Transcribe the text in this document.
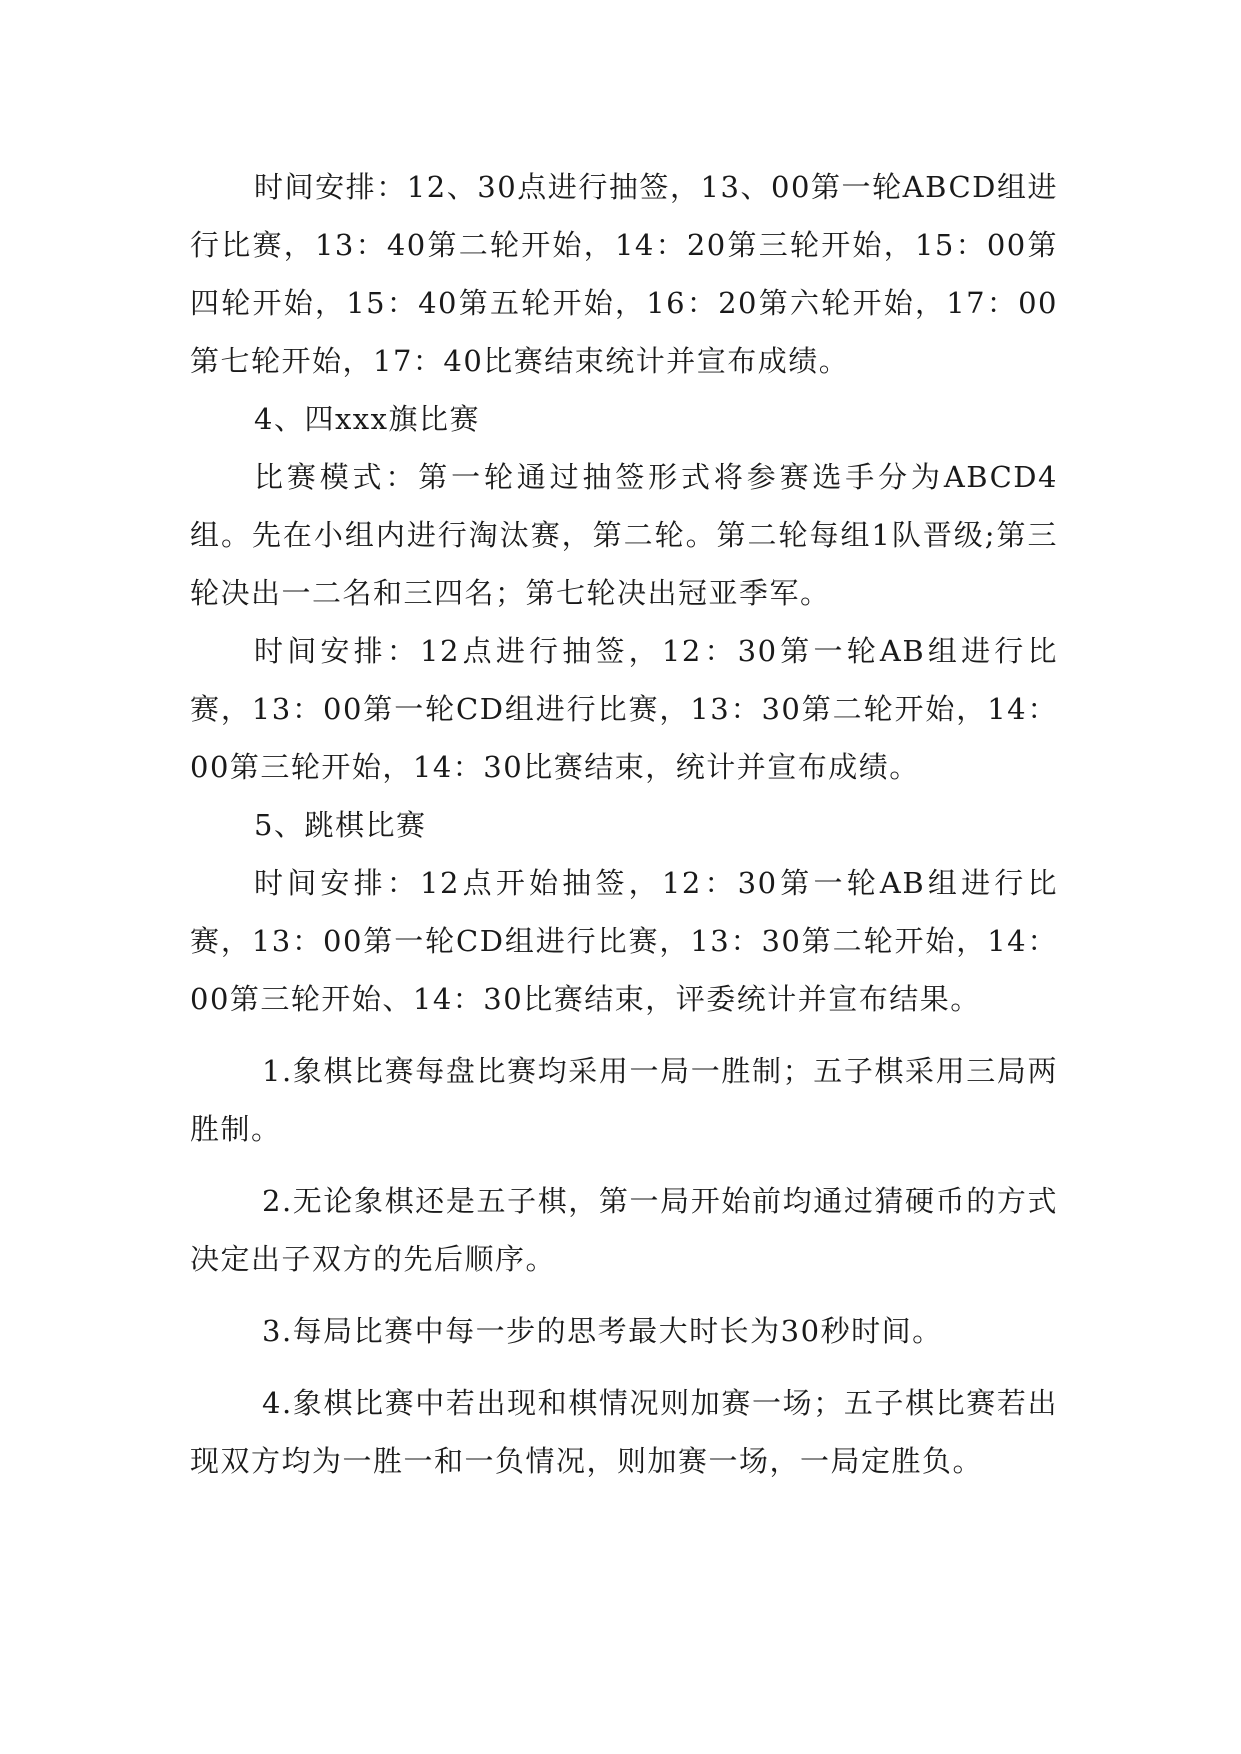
时间安排：12、30点进行抽签，13、00第一轮ABCD组进行比赛，13：40第二轮开始，14：20第三轮开始，15：00第四轮开始，15：40第五轮开始，16：20第六轮开始，17：00第七轮开始，17：40比赛结束统计并宣布成绩。

4、四xxx旗比赛

比赛模式：第一轮通过抽签形式将参赛选手分为ABCD4组。先在小组内进行淘汰赛，第二轮。第二轮每组1队晋级;第三轮决出一二名和三四名；第七轮决出冠亚季军。

时间安排：12点进行抽签，12：30第一轮AB组进行比赛，13：00第一轮CD组进行比赛，13：30第二轮开始，14：00第三轮开始，14：30比赛结束，统计并宣布成绩。

5、跳棋比赛

时间安排：12点开始抽签，12：30第一轮AB组进行比赛，13：00第一轮CD组进行比赛，13：30第二轮开始，14：00第三轮开始、14：30比赛结束，评委统计并宣布结果。

1.象棋比赛每盘比赛均采用一局一胜制；五子棋采用三局两胜制。

2.无论象棋还是五子棋，第一局开始前均通过猜硬币的方式决定出子双方的先后顺序。

3.每局比赛中每一步的思考最大时长为30秒时间。

4.象棋比赛中若出现和棋情况则加赛一场；五子棋比赛若出现双方均为一胜一和一负情况，则加赛一场，一局定胜负。
